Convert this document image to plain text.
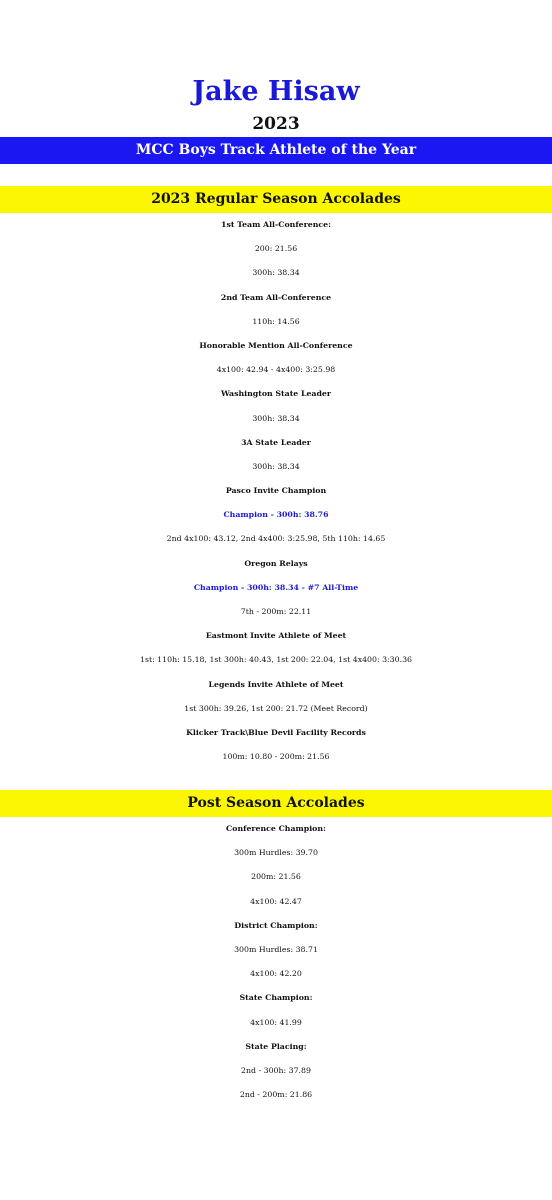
Jake Hisaw
2023
MCC Boys Track Athlete of the Year
2023 Regular Season Accolades
1st Team All-Conference:
200: 21.56
300h: 38.34
2nd Team All-Conference
110h: 14.56
Honorable Mention All-Conference
4x100: 42.94 - 4x400: 3:25.98
Washington State Leader
300h: 38.34
3A State Leader
300h: 38.34
Pasco Invite Champion
Champion - 300h: 38.76
2nd 4x100: 43.12, 2nd 4x400: 3:25.98, 5th 110h: 14.65
Oregon Relays
Champion - 300h: 38.34 - #7 All-Time
7th - 200m: 22.11
Eastmont Invite Athlete of Meet
1st: 110h: 15.18, 1st 300h: 40.43, 1st 200: 22.04, 1st 4x400: 3:30.36
Legends Invite Athlete of Meet
1st 300h: 39.26, 1st 200: 21.72 (Meet Record)
Klicker Track\Blue Devil Facility Records
100m: 10.80 - 200m: 21.56
Post Season Accolades
Conference Champion:
300m Hurdles: 39.70
200m: 21.56
4x100: 42.47
District Champion:
300m Hurdles: 38.71
4x100: 42.20
State Champion:
4x100: 41.99
State Placing:
2nd - 300h: 37.89
2nd - 200m: 21.86
